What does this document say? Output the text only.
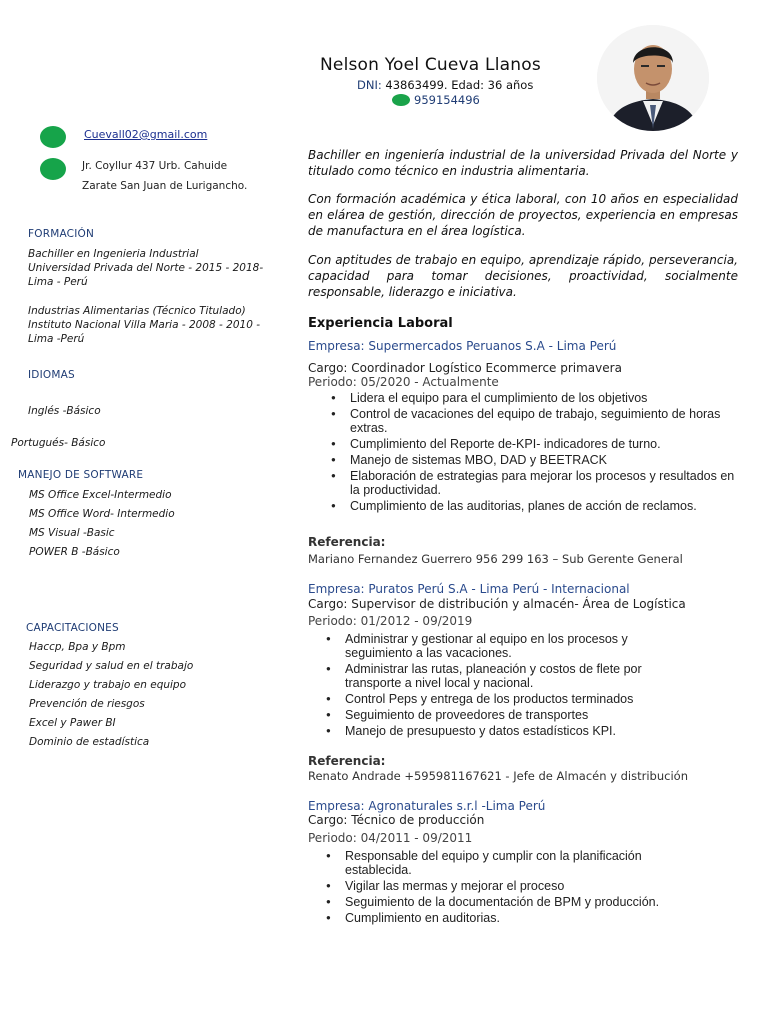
Nelson Yoel Cueva Llanos
DNI: 43863499. Edad: 36 años
959154496
Cuevall02@gmail.com
Jr. Coyllur 437 Urb. Cahuide
Zarate San Juan de Lurigancho.
FORMACIÓN
Bachiller en Ingenieria Industrial
Universidad Privada del Norte - 2015 - 2018-
Lima - Perú
Industrias Alimentarias (Técnico Titulado)
Instituto Nacional Villa Maria - 2008 - 2010 -
Lima -Perú
IDIOMAS
Inglés -Básico
Portugués- Básico
MANEJO DE SOFTWARE
MS Office Excel-Intermedio
MS Office Word- Intermedio
MS Visual -Basic
POWER B -Básico
CAPACITACIONES
Haccp, Bpa y Bpm
Seguridad y salud en el trabajo
Liderazgo y trabajo en equipo
Prevención de riesgos
Excel y Pawer BI
Dominio de estadística
Bachiller en ingeniería industrial de la universidad Privada del Norte y titulado como técnico en industria alimentaria.
Con formación académica y ética laboral, con 10 años en especialidad en elárea de gestión, dirección de proyectos, experiencia en empresas de manufactura en el área logística.
Con aptitudes de trabajo en equipo, aprendizaje rápido, perseverancia, capacidad para tomar decisiones, proactividad, socialmente responsable, liderazgo e iniciativa.
Experiencia Laboral
Empresa: Supermercados Peruanos S.A - Lima Perú
Cargo: Coordinador Logístico Ecommerce primavera
Periodo: 05/2020 - Actualmente
● Lidera el equipo para el cumplimiento de los objetivos
● Control de vacaciones del equipo de trabajo, seguimiento de horas extras.
● Cumplimiento del Reporte de-KPI- indicadores de turno.
● Manejo de sistemas MBO, DAD y BEETRACK
● Elaboración de estrategias para mejorar los procesos y resultados en la productividad.
● Cumplimiento de las auditorias, planes de acción de reclamos.
Referencia:
Mariano Fernandez Guerrero 956 299 163 – Sub Gerente General
Empresa: Puratos Perú S.A - Lima Perú - Internacional
Cargo: Supervisor de distribución y almacén- Área de Logística
Periodo: 01/2012 - 09/2019
● Administrar y gestionar al equipo en los procesos y seguimiento a las vacaciones.
● Administrar las rutas, planeación y costos de flete por transporte a nivel local y nacional.
● Control Peps y entrega de los productos terminados
● Seguimiento de proveedores de transportes
● Manejo de presupuesto y datos estadísticos KPI.
Referencia:
Renato Andrade +595981167621 - Jefe de Almacén y distribución
Empresa: Agronaturales s.r.l -Lima Perú
Cargo: Técnico de producción
Periodo: 04/2011 - 09/2011
● Responsable del equipo y cumplir con la planificación establecida.
● Vigilar las mermas y mejorar el proceso
● Seguimiento de la documentación de BPM y producción.
● Cumplimiento en auditorias.
